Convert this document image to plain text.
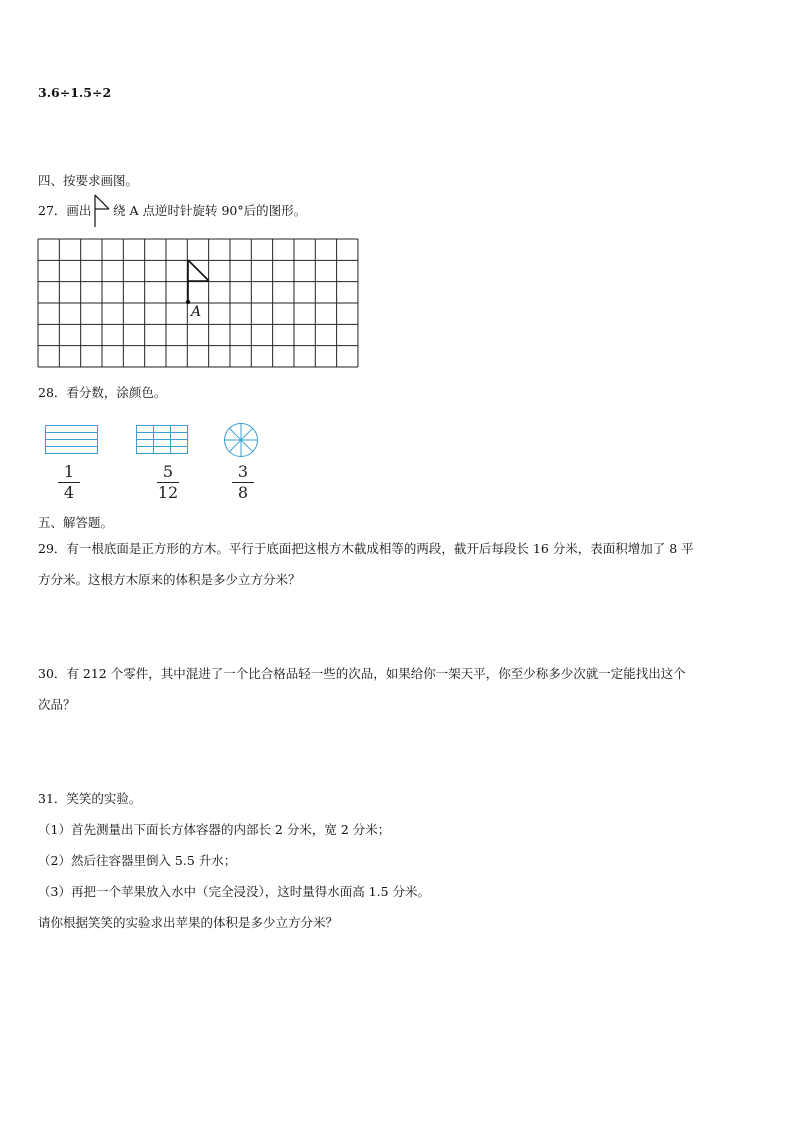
3.6÷1.5÷2
四、按要求画图。
27．画出 绕 A 点逆时针旋转 90°后的图形。
A
28．看分数，涂颜色。
1
4
5
12
3
8
五、解答题。
29．有一根底面是正方形的方木。平行于底面把这根方木截成相等的两段，截开后每段长 16 分米，表面积增加了 8 平
方分米。这根方木原来的体积是多少立方分米？
30．有 212 个零件，其中混进了一个比合格品轻一些的次品，如果给你一架天平，你至少称多少次就一定能找出这个
次品？
31．笑笑的实验。
（1）首先测量出下面长方体容器的内部长 2 分米，宽 2 分米；
（2）然后往容器里倒入 5.5 升水；
（3）再把一个苹果放入水中（完全浸没），这时量得水面高 1.5 分米。
请你根据笑笑的实验求出苹果的体积是多少立方分米？
